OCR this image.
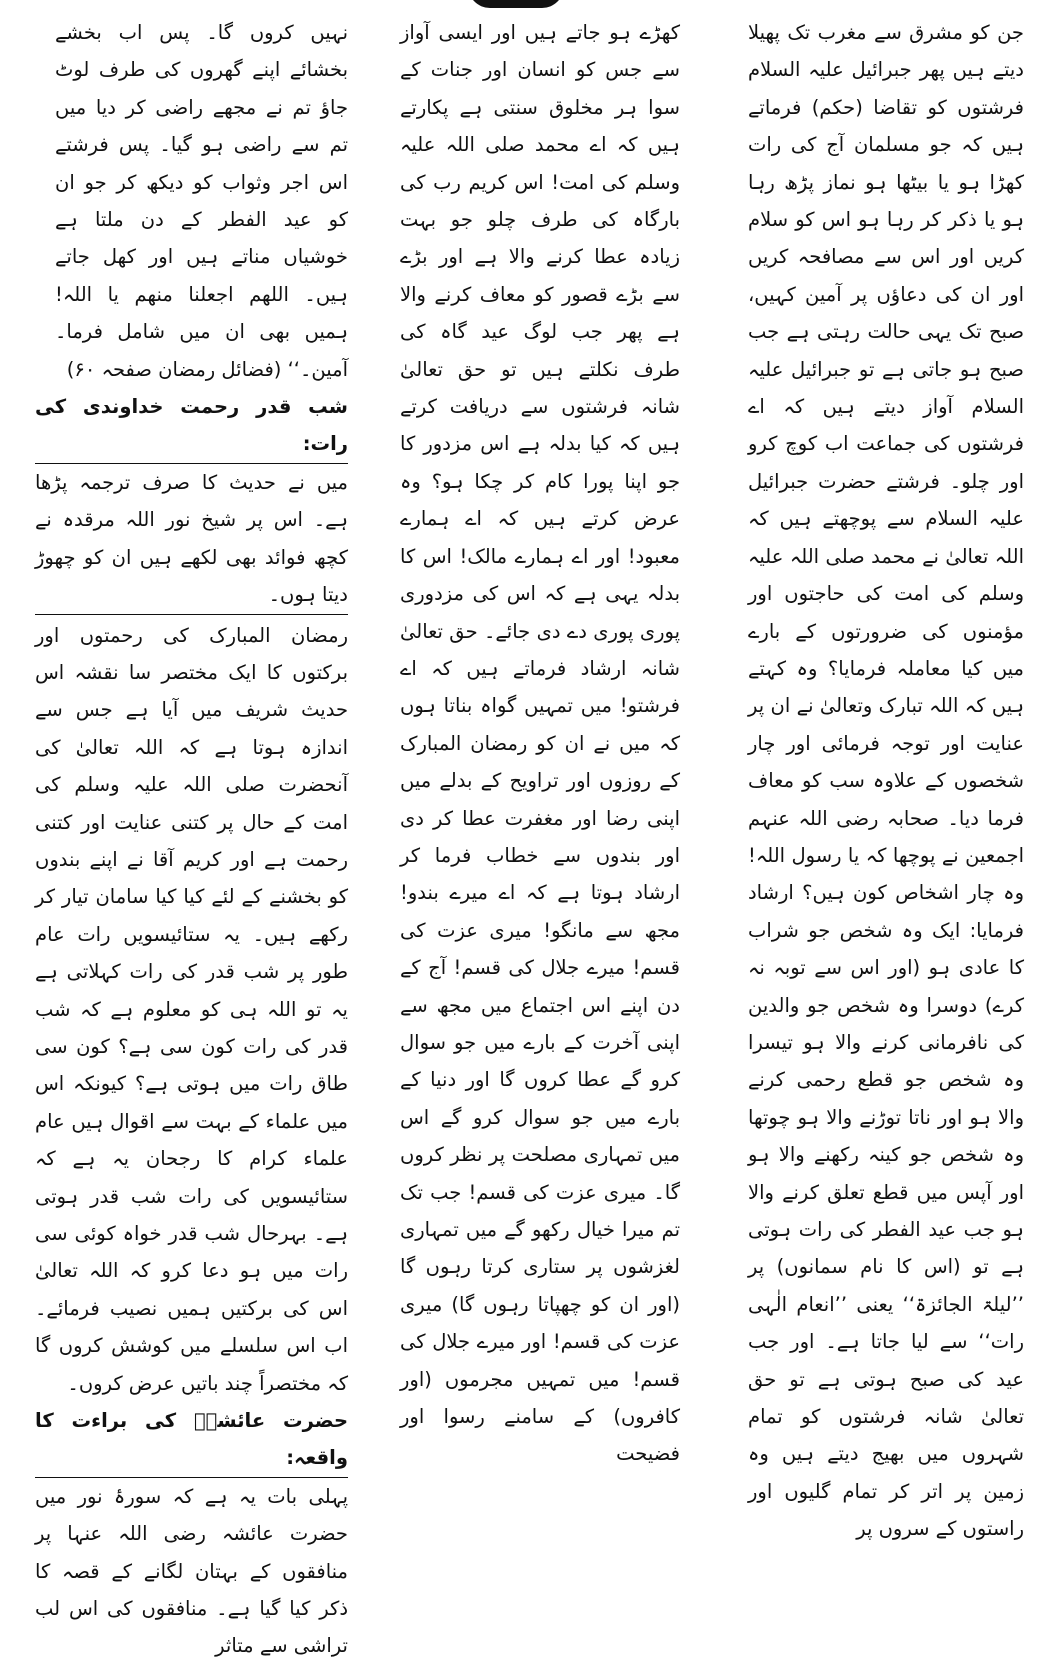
جن کو مشرق سے مغرب تک پھیلا دیتے ہیں پھر جبرائیل علیہ السلام فرشتوں کو تقاضا (حکم) فرماتے ہیں کہ جو مسلمان آج کی رات کھڑا ہو یا بیٹھا ہو نماز پڑھ رہا ہو یا ذکر کر رہا ہو اس کو سلام کریں اور اس سے مصافحہ کریں اور ان کی دعاؤں پر آمین کہیں، صبح تک یہی حالت رہتی ہے جب صبح ہو جاتی ہے تو جبرائیل علیہ السلام آواز دیتے ہیں کہ اے فرشتوں کی جماعت اب کوچ کرو اور چلو۔ فرشتے حضرت جبرائیل علیہ السلام سے پوچھتے ہیں کہ اللہ تعالیٰ نے محمد صلی اللہ علیہ وسلم کی امت کی حاجتوں اور مؤمنوں کی ضرورتوں کے بارے میں کیا معاملہ فرمایا؟ وہ کہتے ہیں کہ اللہ تبارک وتعالیٰ نے ان پر عنایت اور توجہ فرمائی اور چار شخصوں کے علاوہ سب کو معاف فرما دیا۔ صحابہ رضی اللہ عنہم اجمعین نے پوچھا کہ یا رسول اللہ! وہ چار اشخاص کون ہیں؟ ارشاد فرمایا: ایک وہ شخص جو شراب کا عادی ہو (اور اس سے توبہ نہ کرے) دوسرا وہ شخص جو والدین کی نافرمانی کرنے والا ہو تیسرا وہ شخص جو قطع رحمی کرنے والا ہو اور ناتا توڑنے والا ہو چوتھا وہ شخص جو کینہ رکھنے والا ہو اور آپس میں قطع تعلق کرنے والا ہو جب عید الفطر کی رات ہوتی ہے تو (اس کا نام سمانوں) پر ’’لیلۃ الجائزۃ‘‘ یعنی ’’انعام الٰہی رات‘‘ سے لیا جاتا ہے۔ اور جب عید کی صبح ہوتی ہے تو حق تعالیٰ شانہ فرشتوں کو تمام شہروں میں بھیج دیتے ہیں وہ زمین پر اتر کر تمام گلیوں اور راستوں کے سروں پر

کھڑے ہو جاتے ہیں اور ایسی آواز سے جس کو انسان اور جنات کے سوا ہر مخلوق سنتی ہے پکارتے ہیں کہ اے محمد صلی اللہ علیہ وسلم کی امت! اس کریم رب کی بارگاہ کی طرف چلو جو بہت زیادہ عطا کرنے والا ہے اور بڑے سے بڑے قصور کو معاف کرنے والا ہے پھر جب لوگ عید گاہ کی طرف نکلتے ہیں تو حق تعالیٰ شانہ فرشتوں سے دریافت کرتے ہیں کہ کیا بدلہ ہے اس مزدور کا جو اپنا پورا کام کر چکا ہو؟ وہ عرض کرتے ہیں کہ اے ہمارے معبود! اور اے ہمارے مالک! اس کا بدلہ یہی ہے کہ اس کی مزدوری پوری پوری دے دی جائے۔ حق تعالیٰ شانہ ارشاد فرماتے ہیں کہ اے فرشتو! میں تمہیں گواہ بناتا ہوں کہ میں نے ان کو رمضان المبارک کے روزوں اور تراویح کے بدلے میں اپنی رضا اور مغفرت عطا کر دی اور بندوں سے خطاب فرما کر ارشاد ہوتا ہے کہ اے میرے بندو! مجھ سے مانگو! میری عزت کی قسم! میرے جلال کی قسم! آج کے دن اپنے اس اجتماع میں مجھ سے اپنی آخرت کے بارے میں جو سوال کرو گے عطا کروں گا اور دنیا کے بارے میں جو سوال کرو گے اس میں تمہاری مصلحت پر نظر کروں گا۔ میری عزت کی قسم! جب تک تم میرا خیال رکھو گے میں تمہاری لغزشوں پر ستاری کرتا رہوں گا (اور ان کو چھپاتا رہوں گا) میری عزت کی قسم! اور میرے جلال کی قسم! میں تمہیں مجرموں (اور کافروں) کے سامنے رسوا اور فضیحت

نہیں کروں گا۔ پس اب بخشے بخشائے اپنے گھروں کی طرف لوٹ جاؤ تم نے مجھے راضی کر دیا میں تم سے راضی ہو گیا۔ پس فرشتے اس اجر وثواب کو دیکھ کر جو ان کو عید الفطر کے دن ملتا ہے خوشیاں مناتے ہیں اور کھل جاتے ہیں۔ اللھم اجعلنا منھم یا اللہ! ہمیں بھی ان میں شامل فرما۔ آمین۔‘‘ (فضائل رمضان صفحہ ۶۰)

شب قدر رحمت خداوندی کی رات:

میں نے حدیث کا صرف ترجمہ پڑھا ہے۔ اس پر شیخ نور اللہ مرقدہ نے کچھ فوائد بھی لکھے ہیں ان کو چھوڑ دیتا ہوں۔

رمضان المبارک کی رحمتوں اور برکتوں کا ایک مختصر سا نقشہ اس حدیث شریف میں آیا ہے جس سے اندازہ ہوتا ہے کہ اللہ تعالیٰ کی آنحضرت صلی اللہ علیہ وسلم کی امت کے حال پر کتنی عنایت اور کتنی رحمت ہے اور کریم آقا نے اپنے بندوں کو بخشنے کے لئے کیا کیا سامان تیار کر رکھے ہیں۔ یہ ستائیسویں رات عام طور پر شب قدر کی رات کہلاتی ہے یہ تو اللہ ہی کو معلوم ہے کہ شب قدر کی رات کون سی ہے؟ کون سی طاق رات میں ہوتی ہے؟ کیونکہ اس میں علماء کے بہت سے اقوال ہیں عام علماء کرام کا رجحان یہ ہے کہ ستائیسویں کی رات شب قدر ہوتی ہے۔ بہرحال شب قدر خواہ کوئی سی رات میں ہو دعا کرو کہ اللہ تعالیٰ اس کی برکتیں ہمیں نصیب فرمائے۔ اب اس سلسلے میں کوشش کروں گا کہ مختصراً چند باتیں عرض کروں۔

حضرت عائشہؓ کی براءت کا واقعہ:

پہلی بات یہ ہے کہ سورۂ نور میں حضرت عائشہ رضی اللہ عنہا پر منافقوں کے بہتان لگانے کے قصہ کا ذکر کیا گیا ہے۔ منافقوں کی اس لب تراشی سے متاثر
